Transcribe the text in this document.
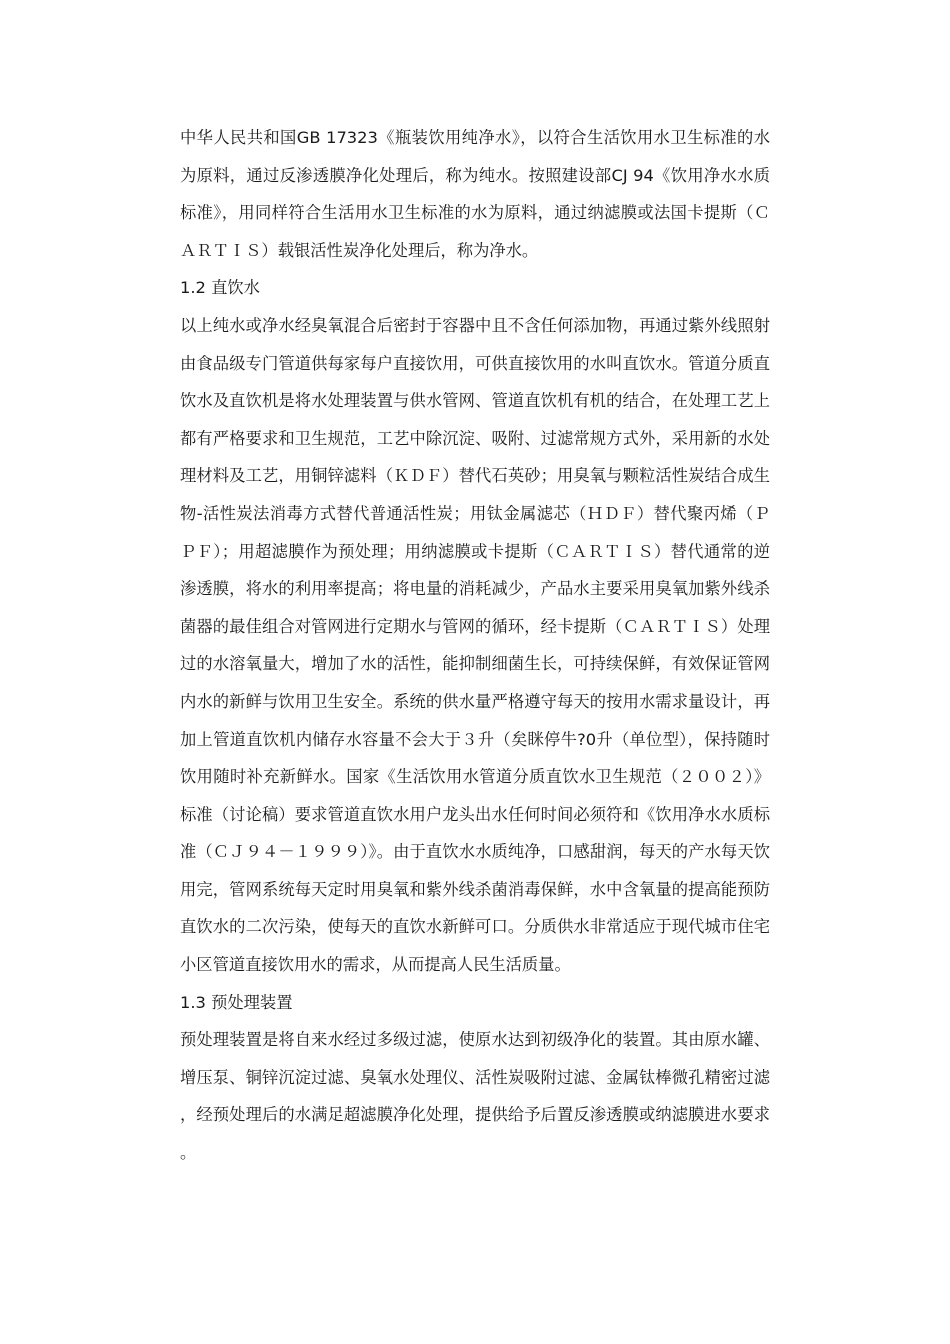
中华人民共和国GB 17323《瓶装饮用纯净水》，以符合生活饮用水卫生标准的水为原料，通过反渗透膜净化处理后，称为纯水。按照建设部CJ 94《饮用净水水质标准》，用同样符合生活用水卫生标准的水为原料，通过纳滤膜或法国卡提斯（ＣＡＲＴＩＳ）载银活性炭净化处理后，称为净水。

1.2 直饮水

以上纯水或净水经臭氧混合后密封于容器中且不含任何添加物，再通过紫外线照射由食品级专门管道供每家每户直接饮用，可供直接饮用的水叫直饮水。管道分质直饮水及直饮机是将水处理装置与供水管网、管道直饮机有机的结合，在处理工艺上都有严格要求和卫生规范，工艺中除沉淀、吸附、过滤常规方式外，采用新的水处理材料及工艺，用铜锌滤料（ＫＤＦ）替代石英砂；用臭氧与颗粒活性炭结合成生物-活性炭法消毒方式替代普通活性炭；用钛金属滤芯（ＨＤＦ）替代聚丙烯（ＰＰＦ）；用超滤膜作为预处理；用纳滤膜或卡提斯（ＣＡＲＴＩＳ）替代通常的逆渗透膜，将水的利用率提高；将电量的消耗减少，产品水主要采用臭氧加紫外线杀菌器的最佳组合对管网进行定期水与管网的循环，经卡提斯（ＣＡＲＴＩＳ）处理过的水溶氧量大，增加了水的活性，能抑制细菌生长，可持续保鲜，有效保证管网内水的新鲜与饮用卫生安全。系统的供水量严格遵守每天的按用水需求量设计，再加上管道直饮机内储存水容量不会大于３升（矣眯停牛?0升（单位型），保持随时饮用随时补充新鲜水。国家《生活饮用水管道分质直饮水卫生规范（２００２）》标准（讨论稿）要求管道直饮水用户龙头出水任何时间必须符和《饮用净水水质标准（ＣＪ９４－１９９９）》。由于直饮水水质纯净，口感甜润，每天的产水每天饮用完，管网系统每天定时用臭氧和紫外线杀菌消毒保鲜，水中含氧量的提高能预防直饮水的二次污染，使每天的直饮水新鲜可口。分质供水非常适应于现代城市住宅小区管道直接饮用水的需求，从而提高人民生活质量。

1.3 预处理装置

预处理装置是将自来水经过多级过滤，使原水达到初级净化的装置。其由原水罐、增压泵、铜锌沉淀过滤、臭氧水处理仪、活性炭吸附过滤、金属钛棒微孔精密过滤，经预处理后的水满足超滤膜净化处理，提供给予后置反渗透膜或纳滤膜进水要求。
